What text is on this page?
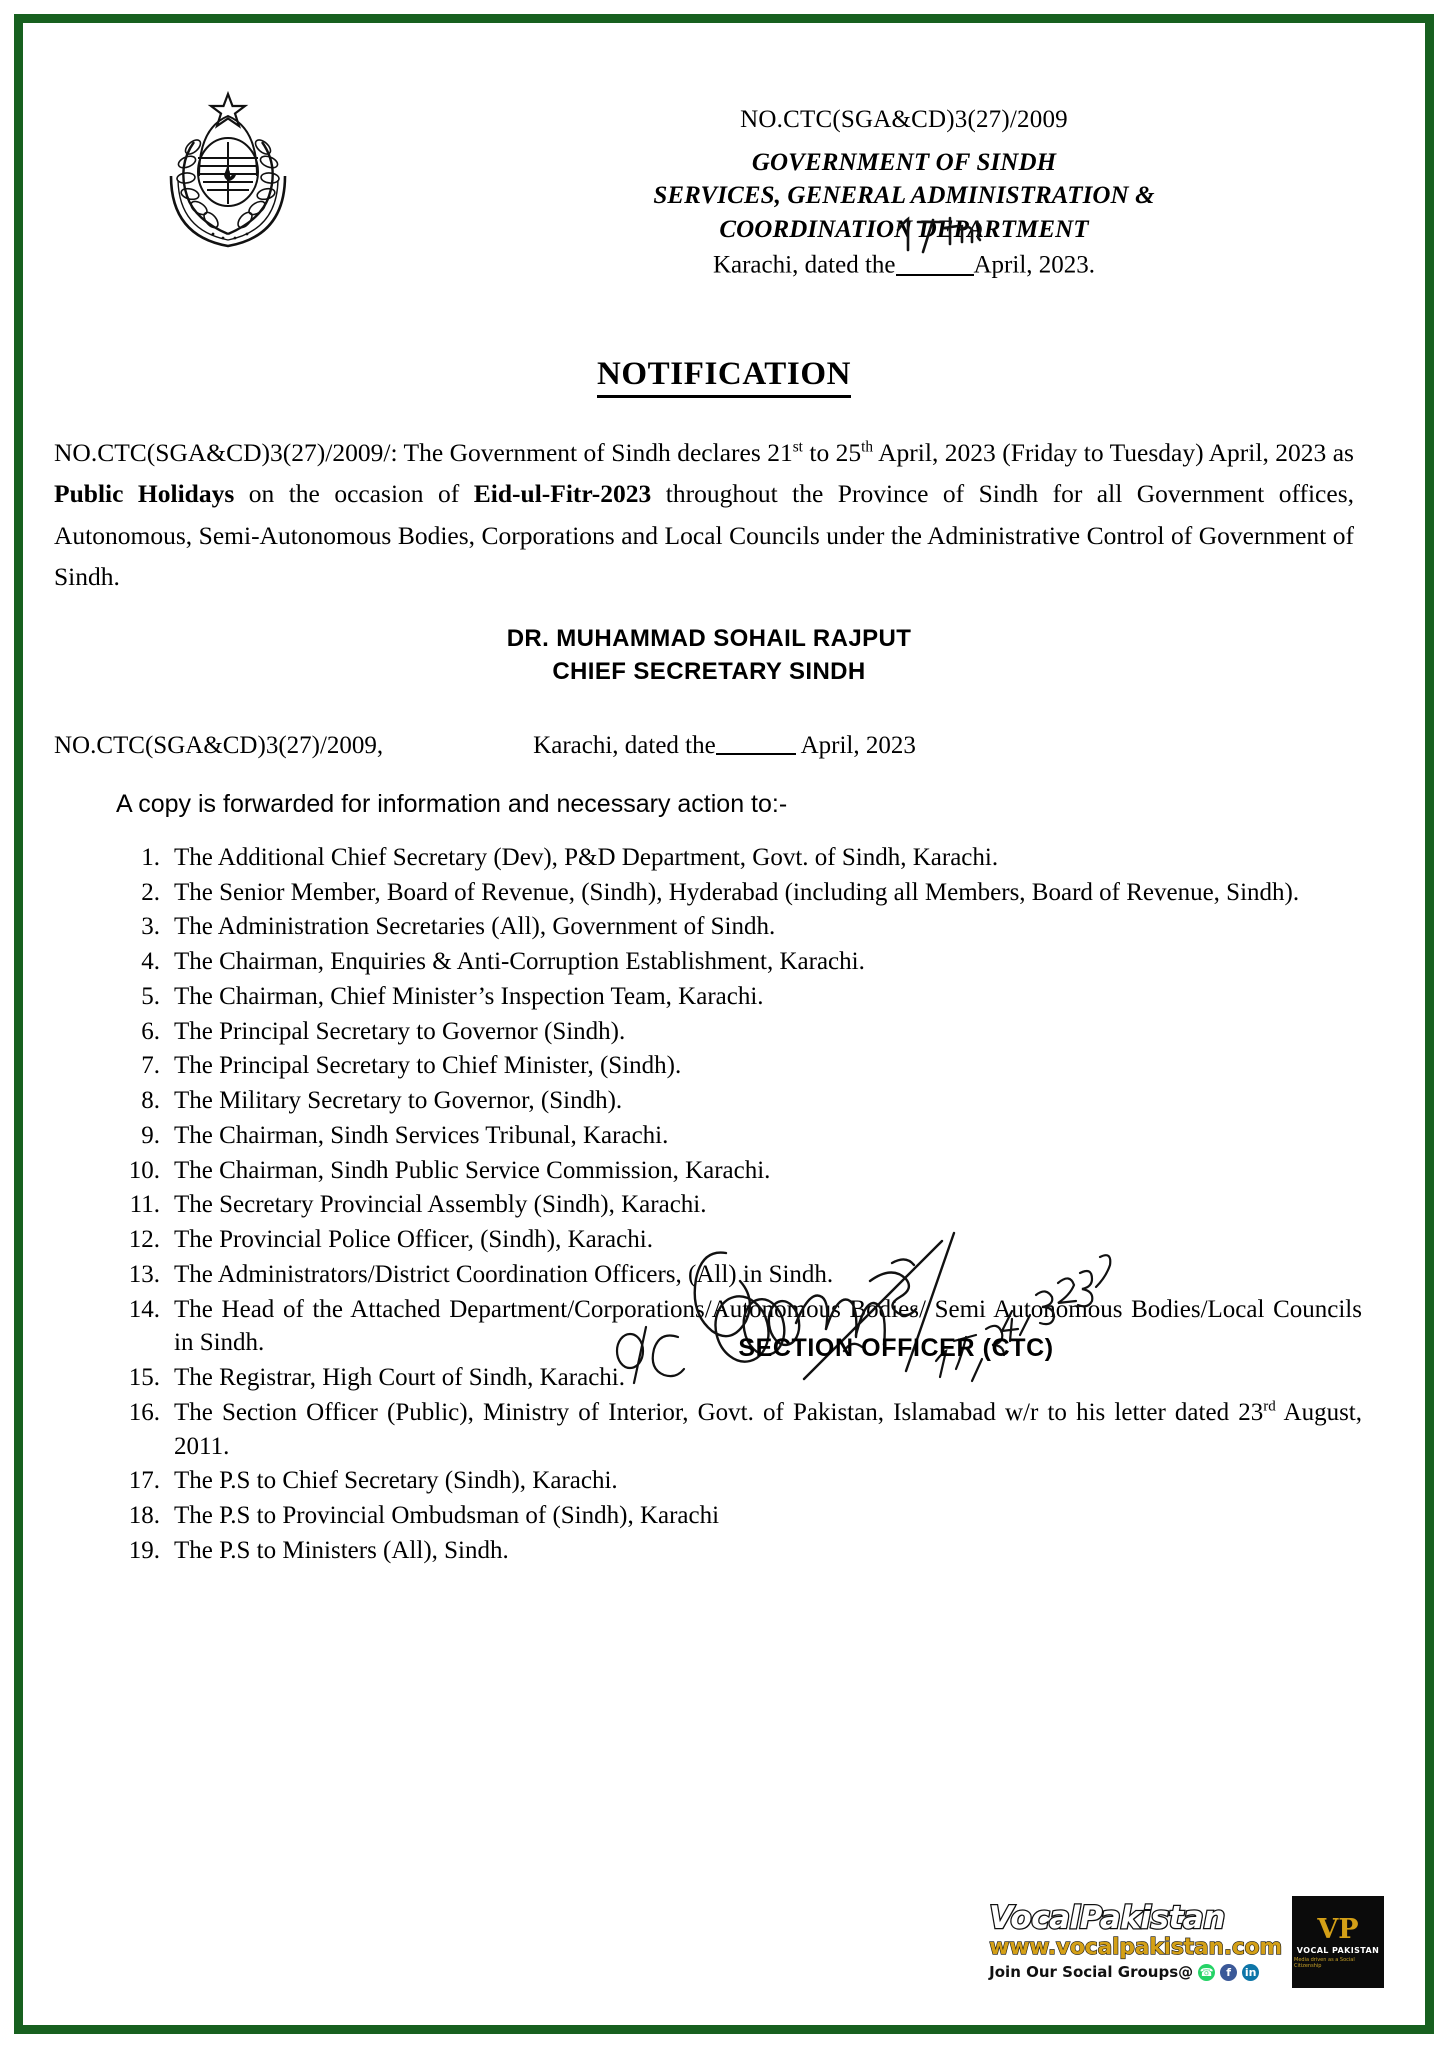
NO.CTC(SGA&CD)3(27)/2009
GOVERNMENT OF SINDH
SERVICES, GENERAL ADMINISTRATION &
COORDINATION DEPARTMENT
Karachi, dated the	April, 2023.
NOTIFICATION

NO.CTC(SGA&CD)3(27)/2009/: The Government of Sindh declares 21st to 25th April, 2023 (Friday to Tuesday) April, 2023 as Public Holidays on the occasion of Eid-ul-Fitr-2023 throughout the Province of Sindh for all Government offices, Autonomous, Semi-Autonomous Bodies, Corporations and Local Councils under the Administrative Control of Government of Sindh.

DR. MUHAMMAD SOHAIL RAJPUT
CHIEF SECRETARY SINDH
NO.CTC(SGA&CD)3(27)/2009,	Karachi, dated the	April, 2023
A copy is forwarded for information and necessary action to:-
1. The Additional Chief Secretary (Dev), P&D Department, Govt. of Sindh, Karachi.
2. The Senior Member, Board of Revenue, (Sindh), Hyderabad (including all Members, Board of Revenue, Sindh).
3. The Administration Secretaries (All), Government of Sindh.
4. The Chairman, Enquiries & Anti-Corruption Establishment, Karachi.
5. The Chairman, Chief Minister’s Inspection Team, Karachi.
6. The Principal Secretary to Governor (Sindh).
7. The Principal Secretary to Chief Minister, (Sindh).
8. The Military Secretary to Governor, (Sindh).
9. The Chairman, Sindh Services Tribunal, Karachi.
10. The Chairman, Sindh Public Service Commission, Karachi.
11. The Secretary Provincial Assembly (Sindh), Karachi.
12. The Provincial Police Officer, (Sindh), Karachi.
13. The Administrators/District Coordination Officers, (All) in Sindh.
14. The Head of the Attached Department/Corporations/Autonomous Bodies/ Semi Autonomous Bodies/Local Councils in Sindh.
15. The Registrar, High Court of Sindh, Karachi.
16. The Section Officer (Public), Ministry of Interior, Govt. of Pakistan, Islamabad w/r to his letter dated 23rd August, 2011.
17. The P.S to Chief Secretary (Sindh), Karachi.
18. The P.S to Provincial Ombudsman of (Sindh), Karachi
19. The P.S to Ministers (All), Sindh.
SECTION OFFICER (CTC)
VocalPakistan
www.vocalpakistan.com
Join Our Social Groups@ ☎	f	in
VP
VOCAL PAKISTAN
Media driven as a Social Citizenship
